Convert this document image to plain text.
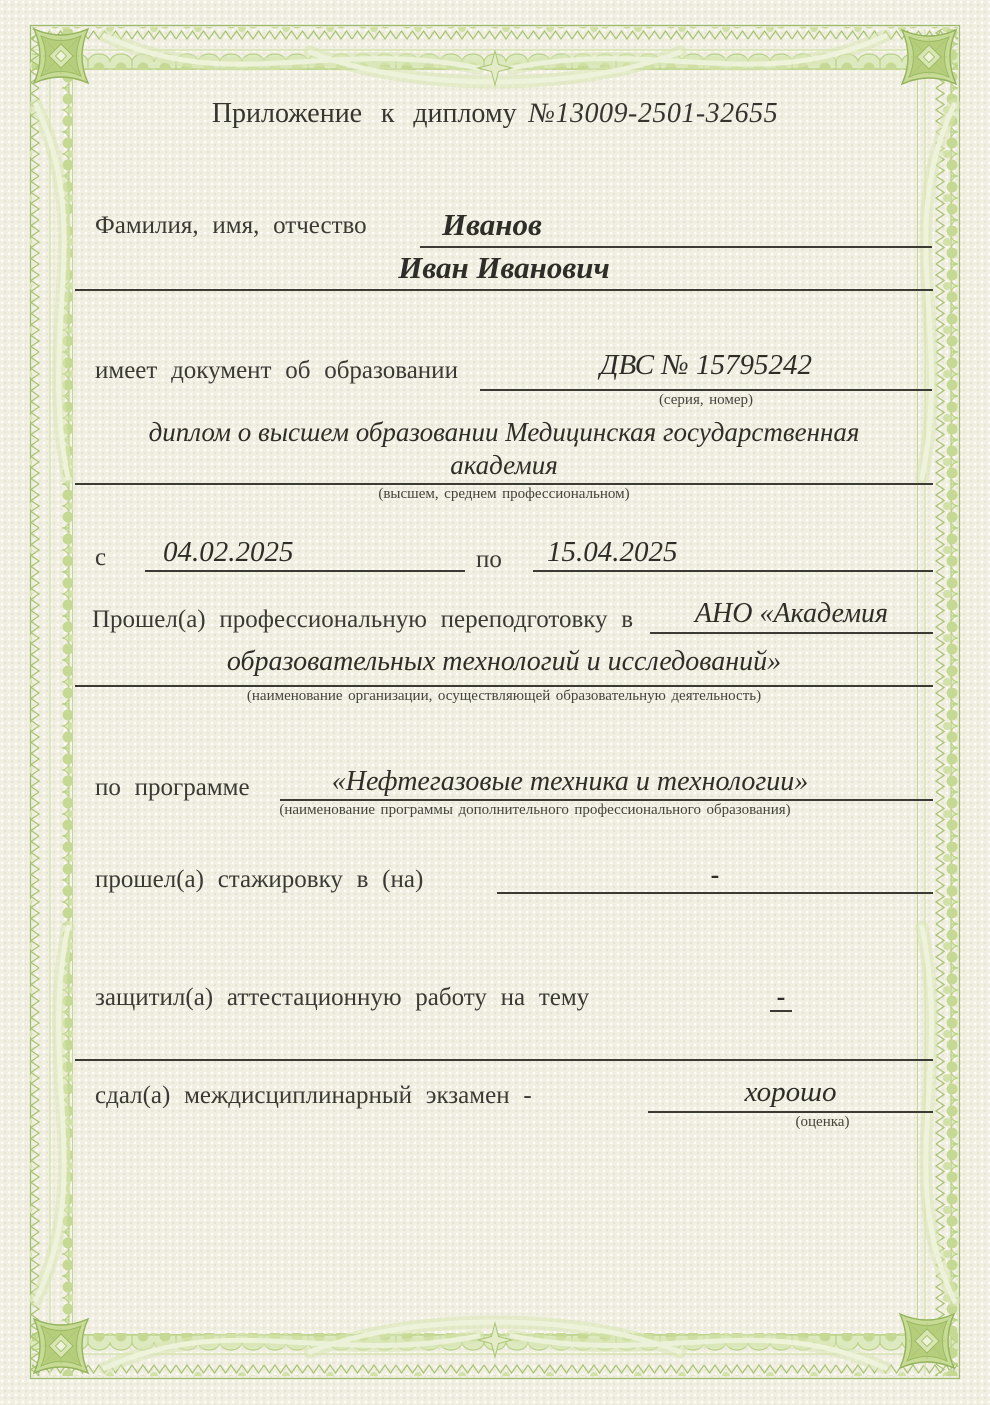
Приложение к диплому №13009-2501-32655
Фамилия, имя, отчество	Иванов
Иван Иванович
имеет документ об образовании	ДВС № 15795242
(серия, номер)
диплом о высшем образовании Медицинская государственная
академия
(высшем, среднем профессиональном)
с	04.02.2025	по	15.04.2025
Прошел(а) профессиональную переподготовку в	АНО «Академия
образовательных технологий и исследований»
(наименование организации, осуществляющей образовательную деятельность)
по программе	«Нефтегазовые техника и технологии»
(наименование программы дополнительного профессионального образования)
прошел(а) стажировку в (на)	-
защитил(а) аттестационную работу на тему	-
сдал(а) междисциплинарный экзамен -	хорошо
(оценка)
